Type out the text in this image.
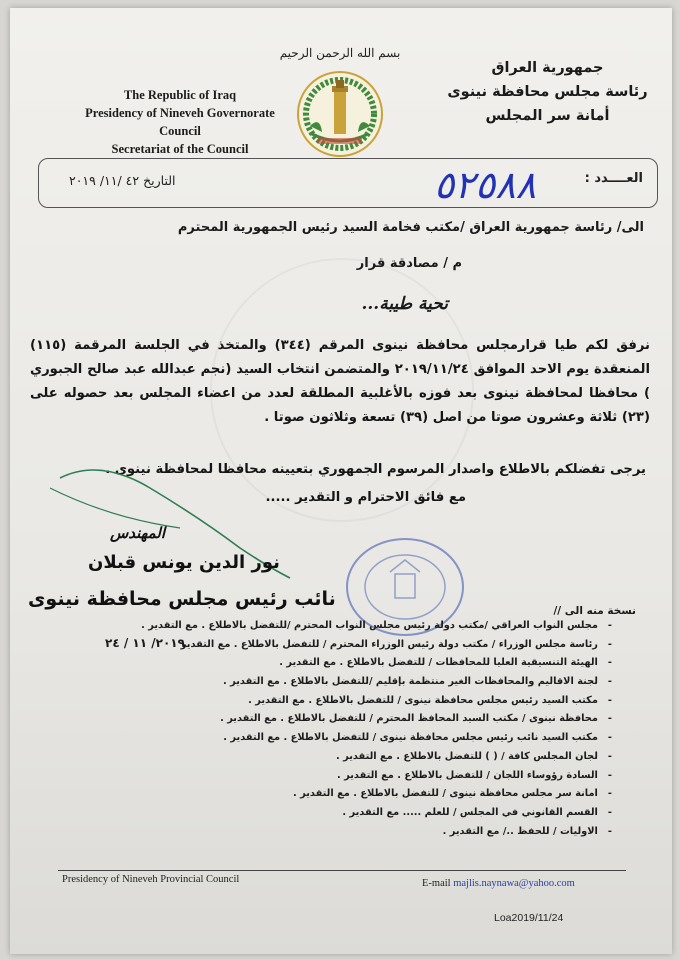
بسم الله الرحمن الرحيم
The Republic of Iraq
Presidency of Nineveh Governorate Council
Secretariat of the Council
جمهورية العراق
رئاسة مجلس محافظة نينوى
أمانة سر المجلس
العــــدد :
٥٢٥٨٨
التاريخ ٤٢ /١١/ ٢٠١٩
الى/ رئاسة جمهورية العراق /مكتب فخامة السيد رئيس الجمهورية المحترم
م / مصادقة قرار
تحية طيبة...
نرفق لكم طيا قرارمجلس محافظة نينوى المرقم (٣٤٤) والمتخذ في الجلسة المرقمة (١١٥) المنعقدة يوم الاحد الموافق ٢٠١٩/١١/٢٤ والمتضمن انتخاب السيد (نجم عبدالله عبد صالح الجبوري ) محافظا لمحافظة نينوى بعد فوزه بالأغلبية المطلقة لعدد من اعضاء المجلس بعد حصوله على (٢٣) ثلاثة وعشرون صوتا من اصل (٣٩) تسعة وثلاثون صوتا .
يرجى تفضلكم بالاطلاع واصدار المرسوم الجمهوري بتعيينه محافظا لمحافظة نينوى .
مع فائق الاحترام و التقدير .....
المهندس
نور الدين يونس قبلان
نائب رئيس مجلس محافظة نينوى
نسخة منه الى //
- مجلس النواب العراقي /مكتب دولة رئيس مجلس النواب المحترم /للتفضل بالاطلاع . مع التقدير .
- رئاسة مجلس الوزراء / مكتب دولة رئيس الوزراء المحترم / للتفضل بالاطلاع . مع التقدير
- الهيئة التنسيقية العليا للمحافظات / للتفضل بالاطلاع . مع التقدير .
- لجنة الاقاليم والمحافظات الغير منتظمة بإقليم /للتفضل بالاطلاع . مع التقدير .
- مكتب السيد رئيس مجلس محافظة نينوى / للتفضل بالاطلاع . مع التقدير .
- محافظة نينوى / مكتب السيد المحافظ المحترم / للتفضل بالاطلاع . مع التقدير .
- مكتب السيد نائب رئيس مجلس محافظة نينوى / للتفضل بالاطلاع . مع التقدير .
- لجان المجلس كافة / ( ) للتفضل بالاطلاع . مع التقدير .
- السادة رؤوساء اللجان / للتفضل بالاطلاع . مع التقدير .
- امانة سر مجلس محافظة نينوى / للتفضل بالاطلاع . مع التقدير .
- القسم القانوني في المجلس / للعلم ..... مع التقدير .
- الاوليات / للحفظ ../ مع التقدير .
٢٠١٩/ ١١ / ٢٤
Presidency of Nineveh Provincial Council	E-mail majlis.naynawa@yahoo.com
Loa2019/11/24
